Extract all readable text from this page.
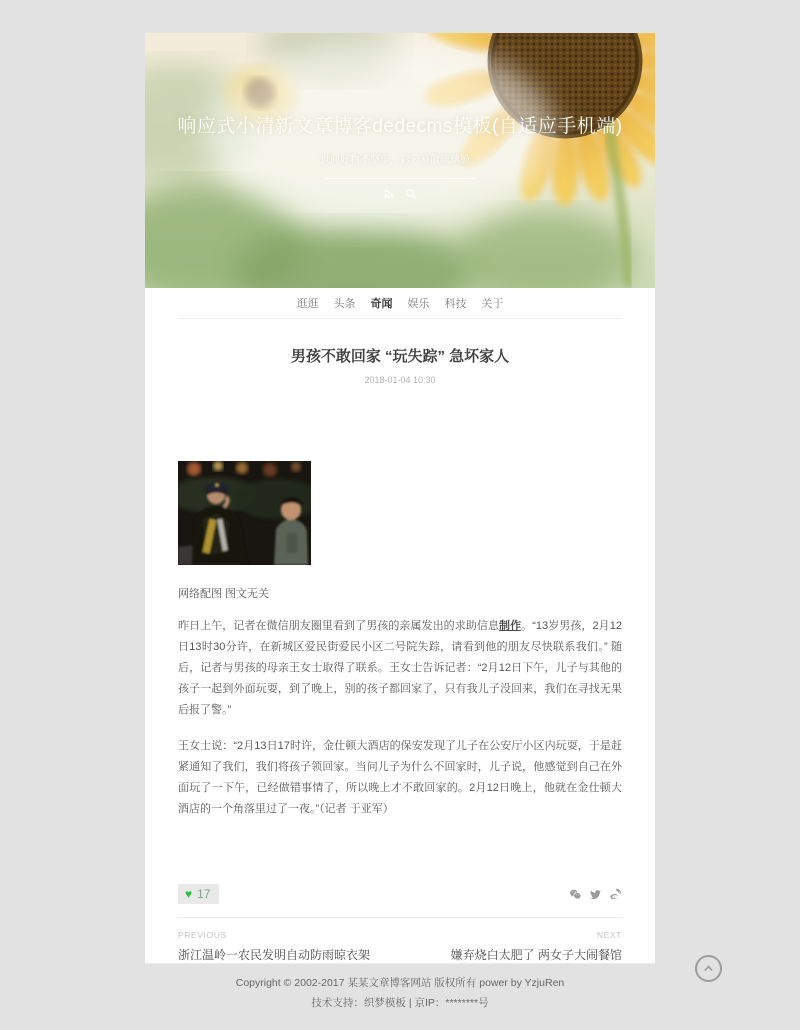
响应式小清新文章博客dedecms模板(自适应手机端)
世间好物不坚牢，彩云易散琉璃脆。
逛逛 头条 奇闻 娱乐 科技 关于
男孩不敢回家 “玩失踪” 急坏家人
2018-01-04 10:30
网络配图 图文无关

昨日上午，记者在微信朋友圈里看到了男孩的亲属发出的求助信息制作。“13岁男孩，2月12日13时30分许，在新城区爱民街爱民小区二号院失踪，请看到他的朋友尽快联系我们。” 随后，记者与男孩的母亲王女士取得了联系。王女士告诉记者：“2月12日下午，儿子与其他的孩子一起到外面玩耍，到了晚上，别的孩子都回家了，只有我儿子没回来，我们在寻找无果后报了警。”

王女士说：“2月13日17时许，金仕顿大酒店的保安发现了儿子在公安厅小区内玩耍，于是赶紧通知了我们，我们将孩子领回家。当问儿子为什么不回家时，儿子说，他感觉到自己在外面玩了一下午，已经做错事情了，所以晚上才不敢回家的。2月12日晚上，他就在金仕顿大酒店的一个角落里过了一夜。”（记者 于亚军）

♥ 17
PREVIOUS
浙江温岭一农民发明自动防雨晾衣架
NEXT
嫌弃烧白太肥了 两女子大闹餐馆
Copyright © 2002-2017 某某文章博客网站 版权所有 power by YzjuRen
技术支持：织梦模板 | 京IP：********号
